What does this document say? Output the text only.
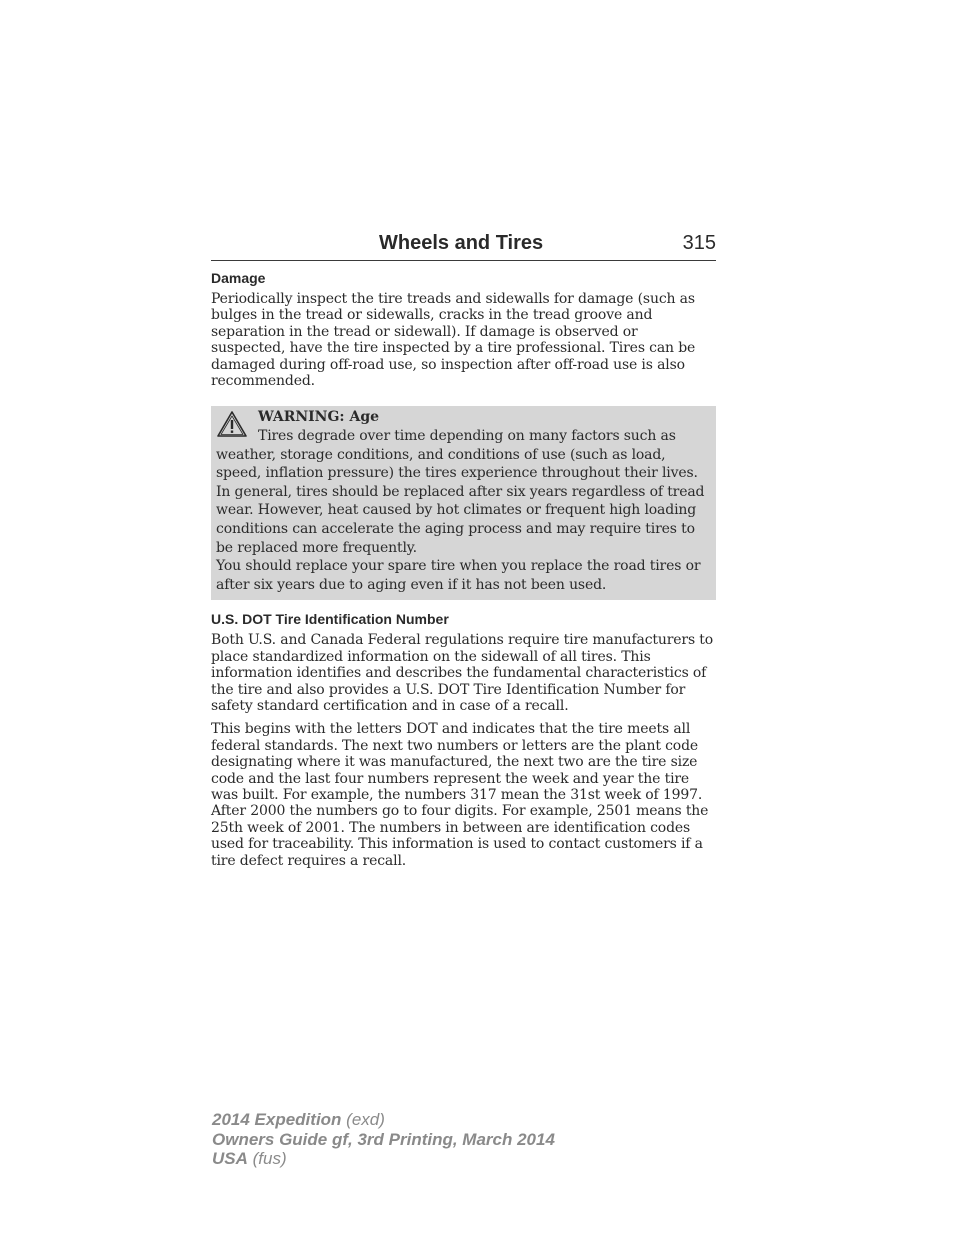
Wheels and Tires	315
Damage

Periodically inspect the tire treads and sidewalls for damage (such as bulges in the tread or sidewalls, cracks in the tread groove and separation in the tread or sidewall). If damage is observed or suspected, have the tire inspected by a tire professional. Tires can be damaged during off-road use, so inspection after off-road use is also recommended.

WARNING: Age

Tires degrade over time depending on many factors such as weather, storage conditions, and conditions of use (such as load, speed, inflation pressure) the tires experience throughout their lives.

In general, tires should be replaced after six years regardless of tread wear. However, heat caused by hot climates or frequent high loading conditions can accelerate the aging process and may require tires to be replaced more frequently.

You should replace your spare tire when you replace the road tires or after six years due to aging even if it has not been used.

U.S. DOT Tire Identification Number

Both U.S. and Canada Federal regulations require tire manufacturers to place standardized information on the sidewall of all tires. This information identifies and describes the fundamental characteristics of the tire and also provides a U.S. DOT Tire Identification Number for safety standard certification and in case of a recall.

This begins with the letters DOT and indicates that the tire meets all federal standards. The next two numbers or letters are the plant code designating where it was manufactured, the next two are the tire size code and the last four numbers represent the week and year the tire was built. For example, the numbers 317 mean the 31st week of 1997. After 2000 the numbers go to four digits. For example, 2501 means the 25th week of 2001. The numbers in between are identification codes used for traceability. This information is used to contact customers if a tire defect requires a recall.

2014 Expedition (exd)
Owners Guide gf, 3rd Printing, March 2014
USA (fus)
